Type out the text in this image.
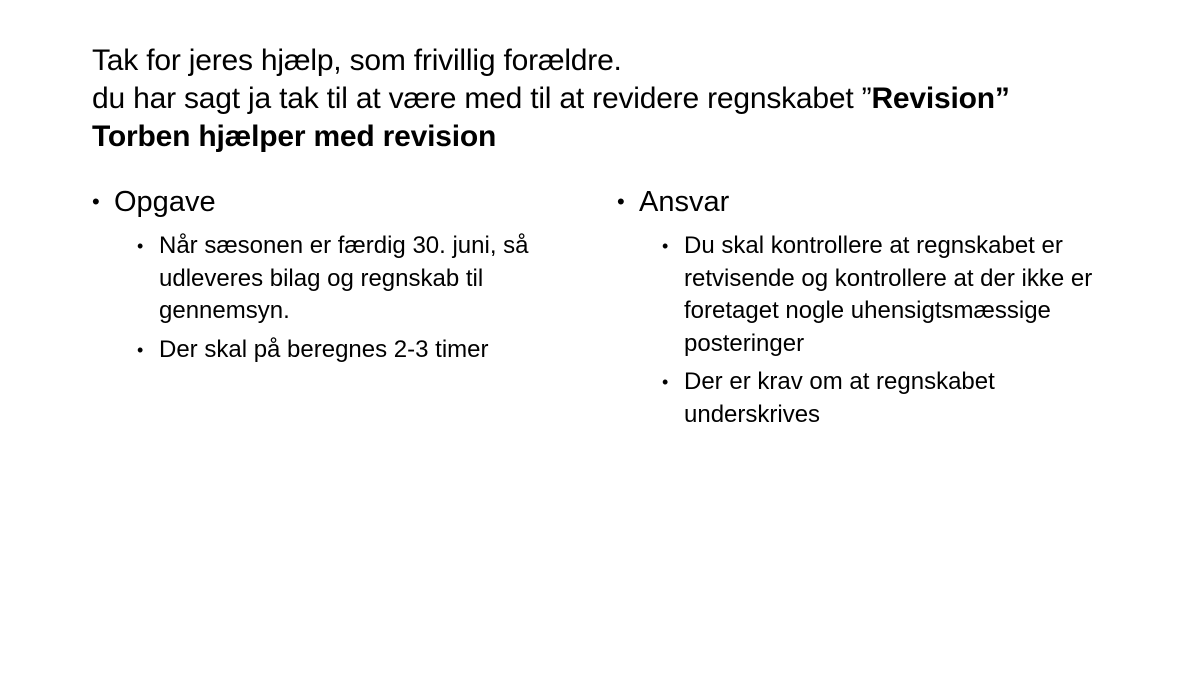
Tak for jeres hjælp, som frivillig forældre.
du har sagt ja tak til at være med til at revidere regnskabet ”Revision”
Torben hjælper med revision
• Opgave
• Når sæsonen er færdig 30. juni, så udleveres bilag og regnskab til gennemsyn.
• Der skal på beregnes 2-3 timer
• Ansvar
• Du skal kontrollere at regnskabet er retvisende og kontrollere at der ikke er foretaget nogle uhensigtsmæssige posteringer
• Der er krav om at regnskabet underskrives
